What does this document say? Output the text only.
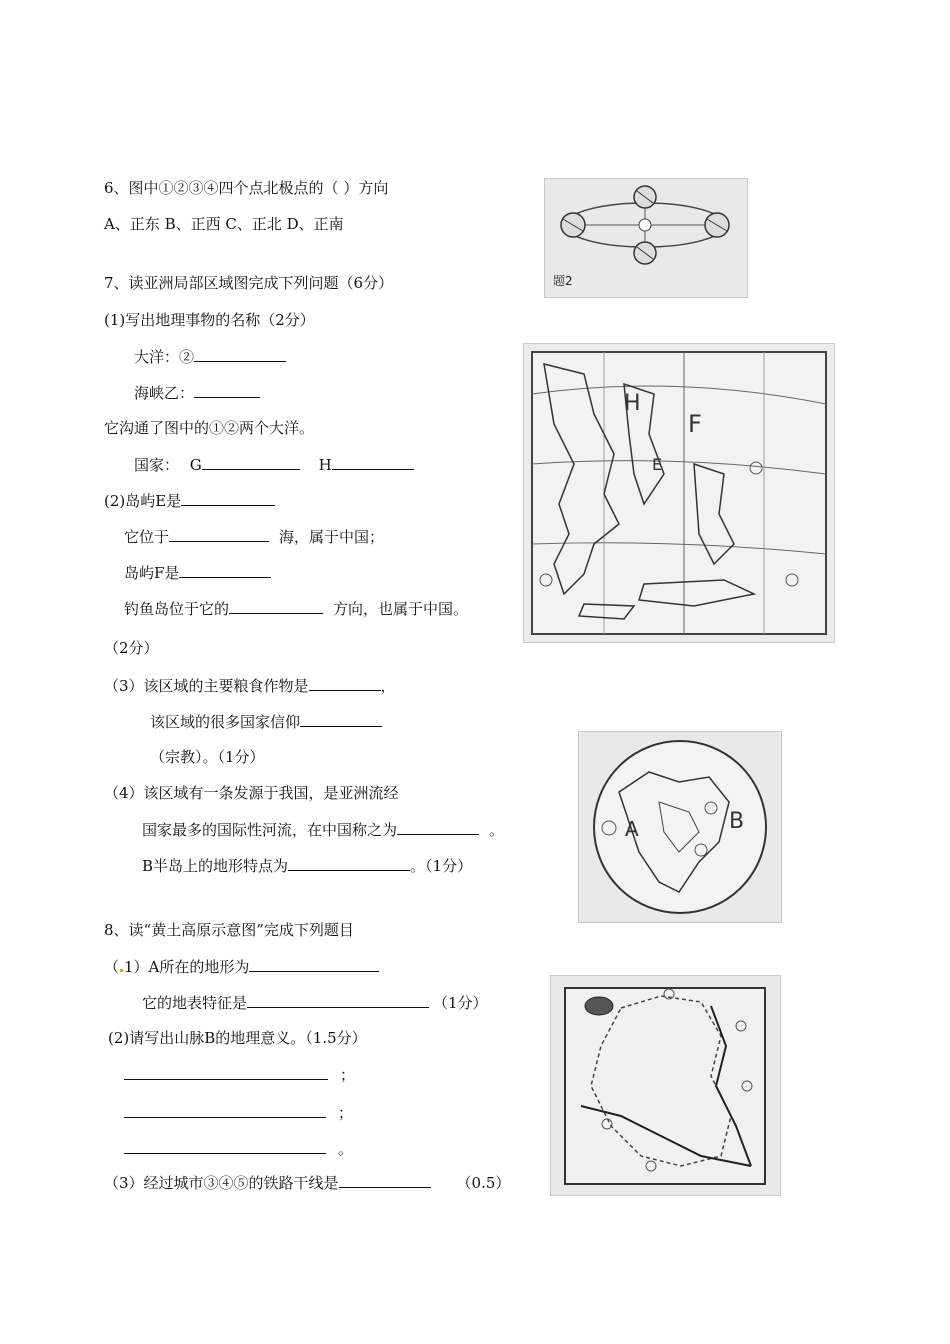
6、图中①②③④四个点北极点的（ ）方向
A、正东 B、正西 C、正北 D、正南
题2
7、读亚洲局部区域图完成下列问题（6分）
(1)写出地理事物的名称（2分）
大洋：②
海峡乙：
它沟通了图中的①②两个大洋。
国家： G	H
(2)岛屿E是
它位于	海，属于中国；
岛屿F是
钓鱼岛位于它的	方向，也属于中国。
（2分）
（3）该区域的主要粮食作物是	，
该区域的很多国家信仰
（宗教）。（1分）
（4）该区域有一条发源于我国，是亚洲流经
国家最多的国际性河流，在中国称之为	。
B半岛上的地形特点为	。（1分）
H
F
E
A	B
8、读“黄土高原示意图”完成下列题目
（ 1）A所在的地形为
它的地表特征是	（1分）
(2)请写出山脉B的地理意义。（1.5分）
；
；
。
（3）经过城市③④⑤的铁路干线是	（0.5）
